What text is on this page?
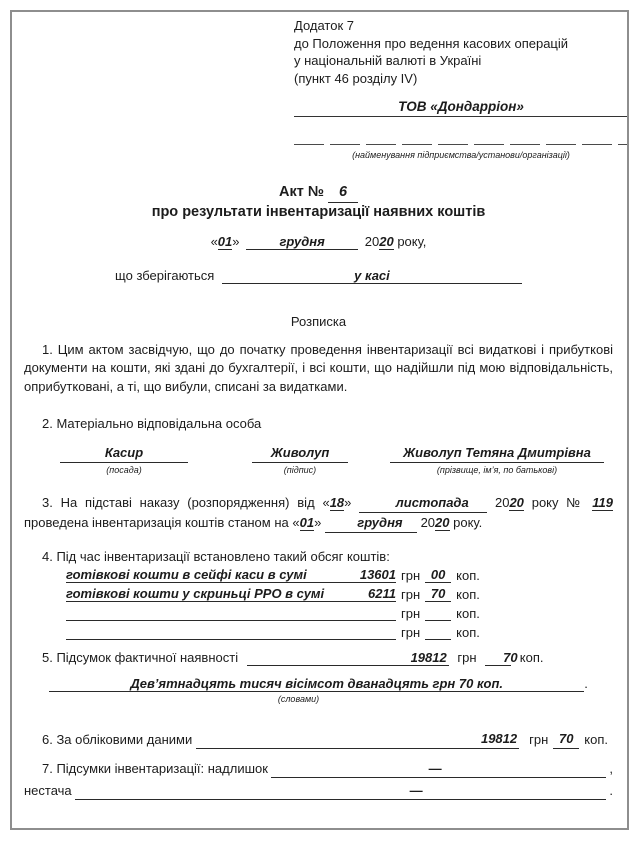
Додаток 7
до Положення про ведення касових операцій
у національній валюті в Україні
(пункт 46 розділу IV)
ТОВ «Дондарріон»
(найменування підприємства/установи/організації)
Акт № 6
про результати інвентаризації наявних коштів
«01»	грудня	2020 року,
що зберігаються	у касі
Розписка

1. Цим актом засвідчую, що до початку проведення інвентаризації всі видаткові і прибуткові документи на кошти, які здані до бухгалтерії, і всі кошти, що надійшли під мою відповідальність, оприбутковані, а ті, що вибули, списані за видатками.

2. Матеріально відповідальна особа
Касир
(посада)
Живолуп
(підпис)
Живолуп Тетяна Дмитрівна
(прізвище, ім’я, по батькові)

3. На підставі наказу (розпорядження) від «18»	листопада 2020 року № 119 проведена інвентаризація коштів станом на «01»	грудня 2020 року.

4. Під час інвентаризації встановлено такий обсяг коштів:
готівкові кошти в сейфі каси в сумі	13601 грн 00 коп.
готівкові кошти у скриньці РРО в сумі	6211 грн 70 коп.
грн	коп.
грн	коп.
5. Підсумок фактичної наявності	19812 грн 70 коп.
Дев’ятнадцять тисяч вісімсот дванадцять грн 70 коп.	.
(словами)
6. За обліковими даними	19812 грн 70 коп.
7. Підсумки інвентаризації: надлишок	—	,
нестача	—	.
